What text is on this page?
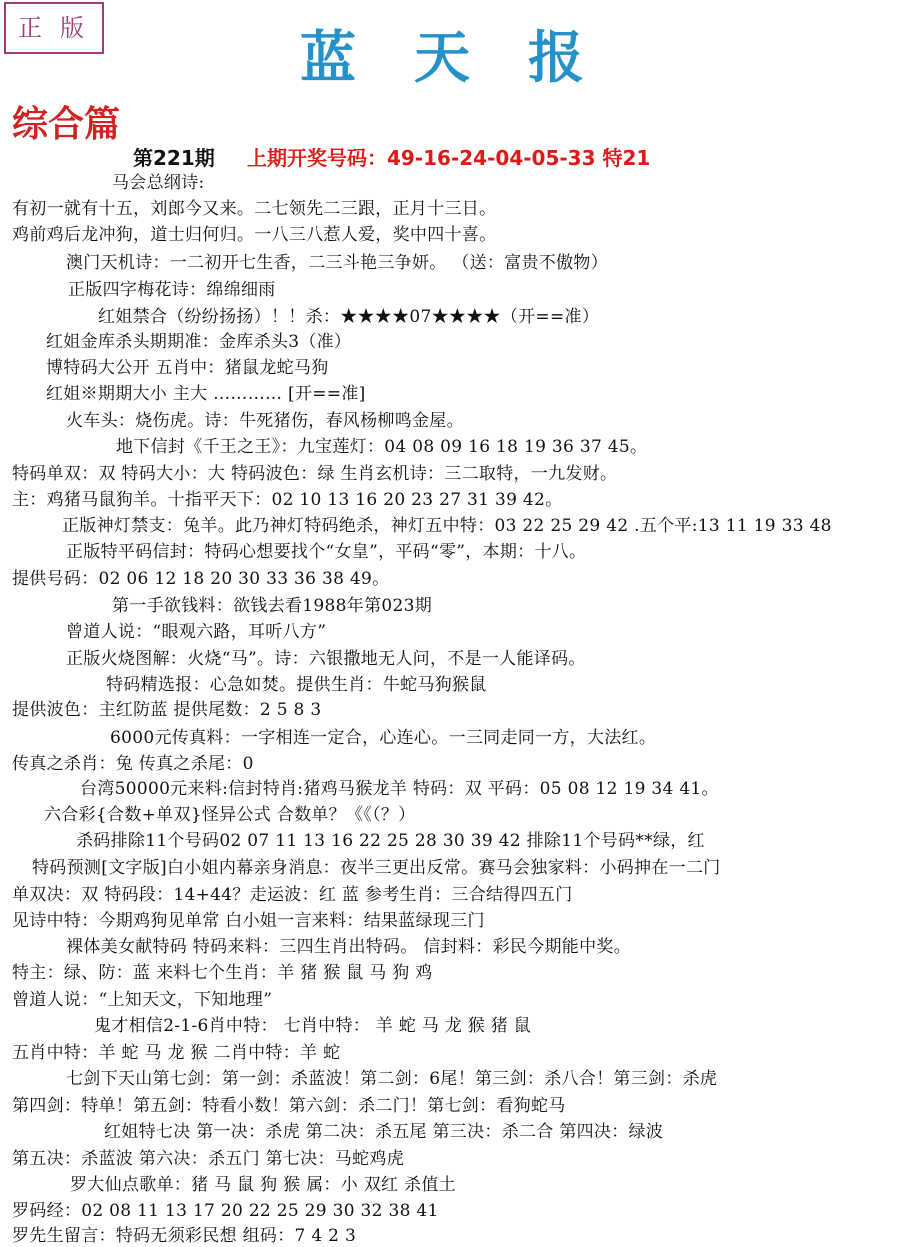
正版	蓝天报
综合篇
第221期 上期开奖号码：49-16-24-04-05-33 特21
马会总纲诗:
有初一就有十五，刘郎今又来。二七领先二三跟，正月十三日。
鸡前鸡后龙冲狗，道士归何归。一八三八惹人爱，奖中四十喜。
澳门天机诗：一二初开七生香，二三斗艳三争妍。 （送：富贵不傲物）
正版四字梅花诗：绵绵细雨
红姐禁合（纷纷扬扬）！！杀：★★★★07★★★★（开==准）
红姐金库杀头期期准：金库杀头3（准）
博特码大公开 五肖中：猪鼠龙蛇马狗
红姐※期期大小 主大 ………… [开==准]
火车头：烧伤虎。诗：牛死猪伤，春风杨柳鸣金屋。
地下信封《千王之王》：九宝莲灯：04 08 09 16 18 19 36 37 45。
特码单双：双 特码大小：大 特码波色：绿 生肖玄机诗：三二取特，一九发财。
主：鸡猪马鼠狗羊。十指平天下：02 10 13 16 20 23 27 31 39 42。
正版神灯禁支：兔羊。此乃神灯特码绝杀，神灯五中特：03 22 25 29 42 .五个平:13 11 19 33 48
正版特平码信封：特码心想要找个“女皇”，平码“零”，本期：十八。
提供号码：02 06 12 18 20 30 33 36 38 49。
第一手欲钱料：欲钱去看1988年第023期
曾道人说：“眼观六路，耳听八方”
正版火烧图解：火烧“马”。诗：六银撒地无人问，不是一人能译码。
特码精选报：心急如焚。提供生肖：牛蛇马狗猴鼠
提供波色：主红防蓝 提供尾数：2 5 8 3
6000元传真料：一字相连一定合，心连心。一三同走同一方，大法红。
传真之杀肖：兔 传真之杀尾：0
台湾50000元来料:信封特肖:猪鸡马猴龙羊 特码：双 平码：05 08 12 19 34 41。
六合彩{合数+单双}怪异公式 合数单？《《（？）
杀码排除11个号码02 07 11 13 16 22 25 28 30 39 42 排除11个号码**绿，红
特码预测[文字版]白小姐内幕亲身消息：夜半三更出反常。赛马会独家料：小码抻在一二门
单双决：双 特码段：14+44？走运波：红 蓝 参考生肖：三合结得四五门
见诗中特：今期鸡狗见单常 白小姐一言来料：结果蓝绿现三门
裸体美女献特码 特码来料：三四生肖出特码。 信封料：彩民今期能中奖。
特主：绿、防：蓝 来料七个生肖：羊 猪 猴 鼠 马 狗 鸡
曾道人说：“上知天文，下知地理”
鬼才相信2-1-6肖中特： 七肖中特： 羊 蛇 马 龙 猴 猪 鼠
五肖中特：羊 蛇 马 龙 猴 二肖中特：羊 蛇
七剑下天山第七剑：第一剑：杀蓝波！第二剑：6尾！第三剑：杀八合！第三剑：杀虎
第四剑：特单！第五剑：特看小数！第六剑：杀二门！第七剑：看狗蛇马
红姐特七决 第一决：杀虎 第二决：杀五尾 第三决：杀二合 第四决：绿波
第五决：杀蓝波 第六决：杀五门 第七决：马蛇鸡虎
罗大仙点歌单：猪 马 鼠 狗 猴 属：小 双红 杀值土
罗码经：02 08 11 13 17 20 22 25 29 30 32 38 41
罗先生留言：特码无须彩民想 组码：7 4 2 3
